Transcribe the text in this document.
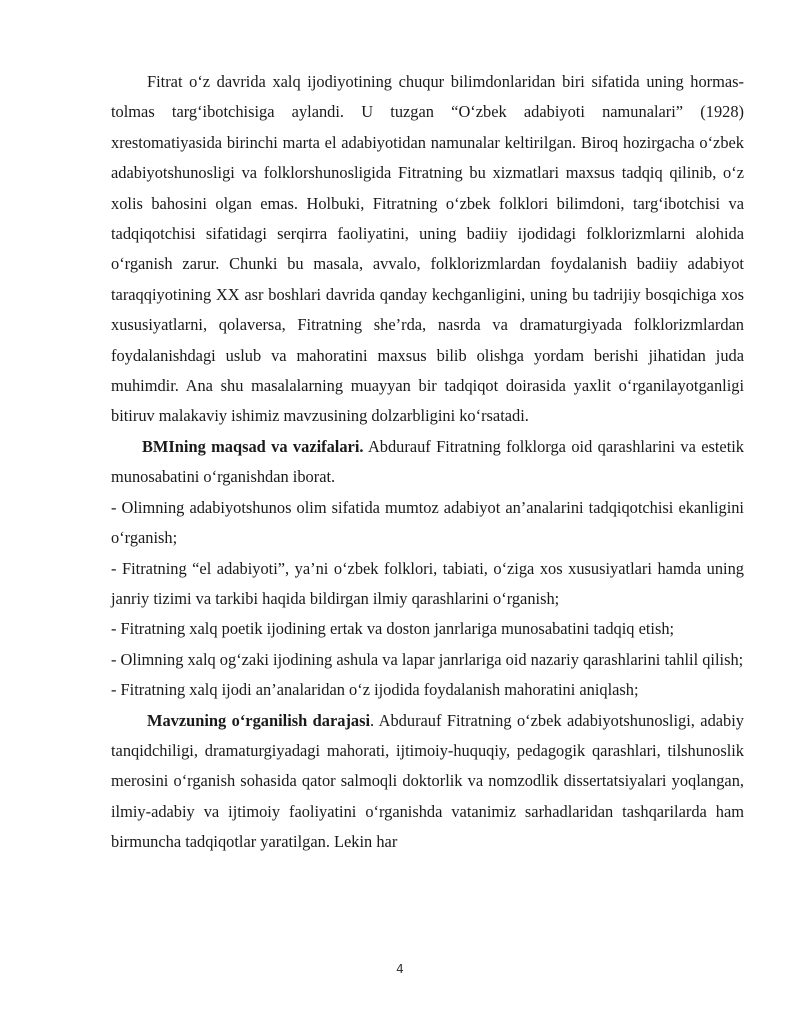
Fitrat o‘z davrida xalq ijodiyotining chuqur bilimdonlaridan biri sifatida uning hormas-tolmas targ‘ibotchisiga aylandi. U tuzgan “O‘zbek adabiyoti namunalari” (1928) xrestomatiyasida birinchi marta el adabiyotidan namunalar keltirilgan. Biroq hozirgacha o‘zbek adabiyotshunosligi va folklorshunosligida Fitratning bu xizmatlari maxsus tadqiq qilinib, o‘z xolis bahosini olgan emas. Holbuki, Fitratning o‘zbek folklori bilimdoni, targ‘ibotchisi va tadqiqotchisi sifatidagi serqirra faoliyatini, uning badiiy ijodidagi folklorizmlarni alohida o‘rganish zarur. Chunki bu masala, avvalo, folklorizmlardan foydalanish badiiy adabiyot taraqqiyotining XX asr boshlari davrida qanday kechganligini, uning bu tadrijiy bosqichiga xos xususiyatlarni, qolaversa, Fitratning she’rda, nasrda va dramaturgiyada folklorizmlardan foydalanishdagi uslub va mahoratini maxsus bilib olishga yordam berishi jihatidan juda muhimdir. Ana shu masalalarning muayyan bir tadqiqot doirasida yaxlit o‘rganilayotganligi bitiruv malakaviy ishimiz mavzusining dolzarbligini ko‘rsatadi.

BMIning maqsad va vazifalari. Abdurauf Fitratning folklorga oid qarashlarini va estetik munosabatini o‘rganishdan iborat.

- Olimning adabiyotshunos olim sifatida mumtoz adabiyot an’analarini tadqiqotchisi ekanligini o‘rganish;

- Fitratning “el adabiyoti”, ya’ni o‘zbek folklori, tabiati, o‘ziga xos xususiyatlari hamda uning janriy tizimi va tarkibi haqida bildirgan ilmiy qarashlarini o‘rganish;

- Fitratning xalq poetik ijodining ertak va doston janrlariga munosabatini tadqiq etish;

- Olimning xalq og‘zaki ijodining ashula va lapar janrlariga oid nazariy qarashlarini tahlil qilish;

- Fitratning xalq ijodi an’analaridan o‘z ijodida foydalanish mahoratini aniqlash;

Mavzuning o‘rganilish darajasi. Abdurauf Fitratning o‘zbek adabiyotshunosligi, adabiy tanqidchiligi, dramaturgiyadagi mahorati, ijtimoiy-huquqiy, pedagogik qarashlari, tilshunoslik merosini o‘rganish sohasida qator salmoqli doktorlik va nomzodlik dissertatsiyalari yoqlangan, ilmiy-adabiy va ijtimoiy faoliyatini o‘rganishda vatanimiz sarhadlaridan tashqarilarda ham birmuncha tadqiqotlar yaratilgan. Lekin har

4
